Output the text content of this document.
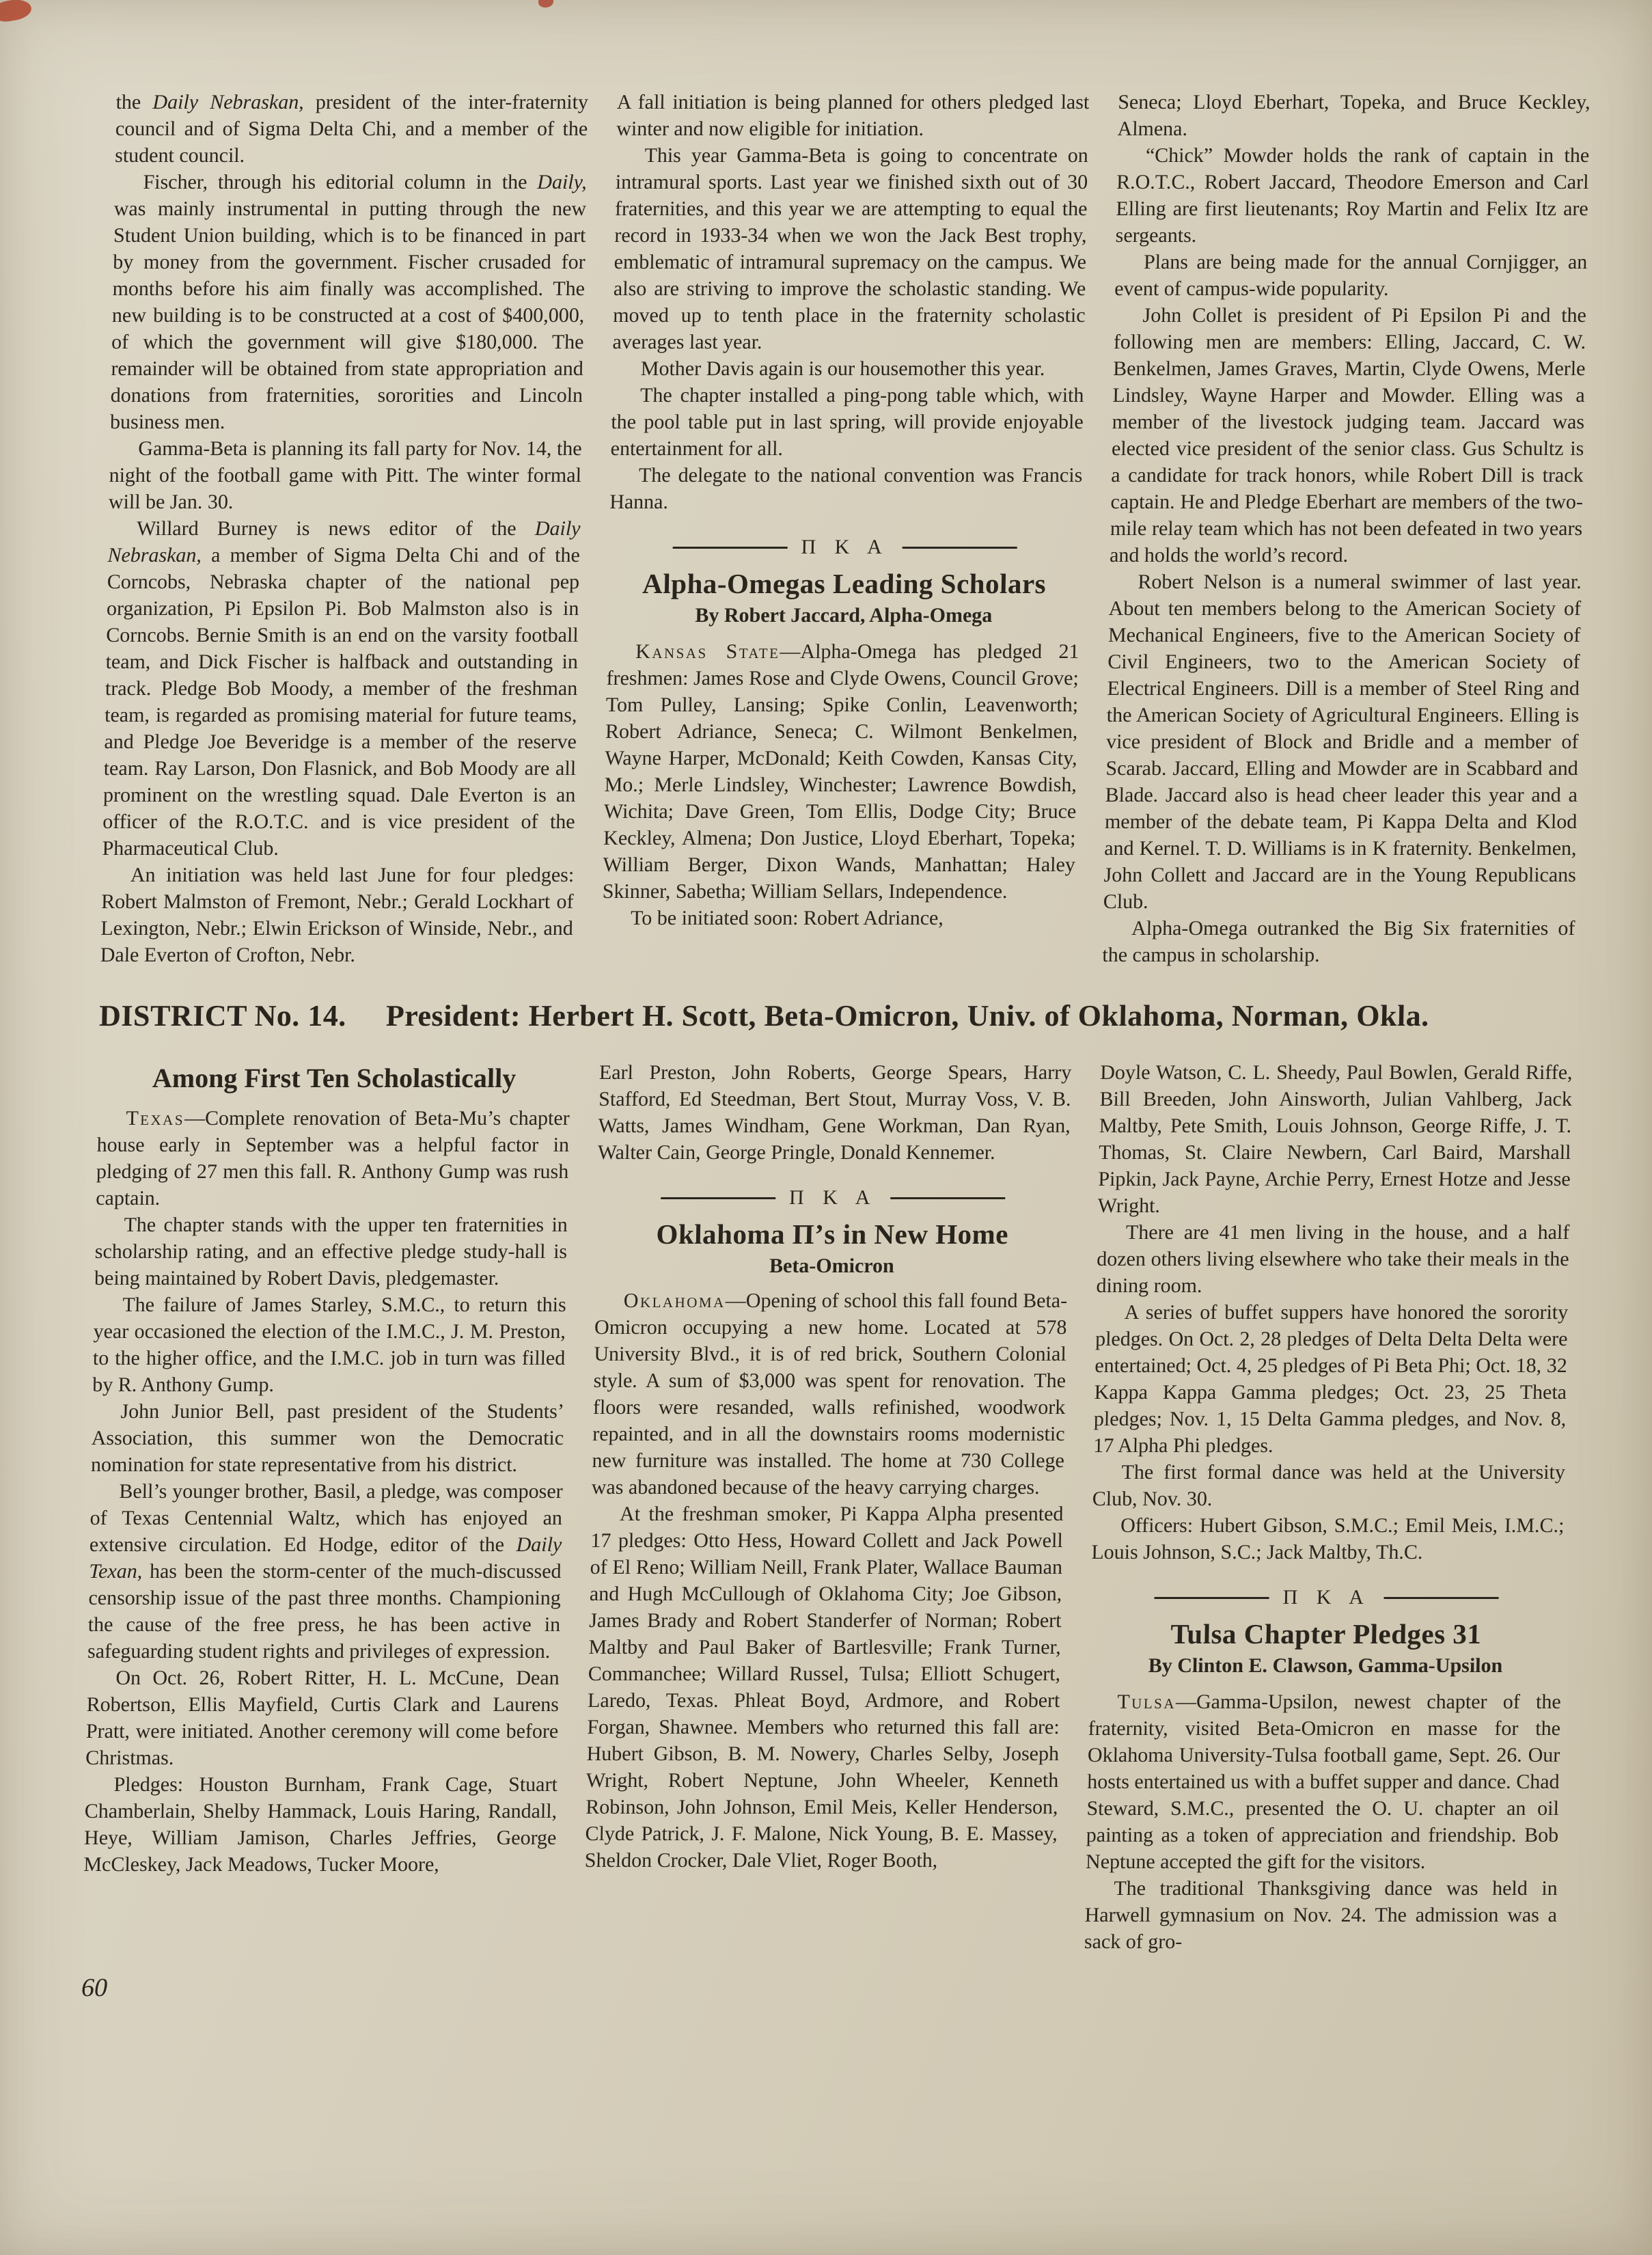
the Daily Nebraskan, president of the inter-fraternity council and of Sigma Delta Chi, and a member of the student council.

Fischer, through his editorial column in the Daily, was mainly instrumental in putting through the new Student Union building, which is to be financed in part by money from the government. Fischer crusaded for months before his aim finally was accomplished. The new building is to be constructed at a cost of $400,000, of which the government will give $180,000. The remainder will be obtained from state appropriation and donations from fraternities, sororities and Lincoln business men.

Gamma-Beta is planning its fall party for Nov. 14, the night of the football game with Pitt. The winter formal will be Jan. 30.

Willard Burney is news editor of the Daily Nebraskan, a member of Sigma Delta Chi and of the Corncobs, Nebraska chapter of the national pep organization, Pi Epsilon Pi. Bob Malmston also is in Corncobs. Bernie Smith is an end on the varsity football team, and Dick Fischer is halfback and outstanding in track. Pledge Bob Moody, a member of the freshman team, is regarded as promising material for future teams, and Pledge Joe Beveridge is a member of the reserve team. Ray Larson, Don Flasnick, and Bob Moody are all prominent on the wrestling squad. Dale Everton is an officer of the R.O.T.C. and is vice president of the Pharmaceutical Club.

An initiation was held last June for four pledges: Robert Malmston of Fremont, Nebr.; Gerald Lockhart of Lexington, Nebr.; Elwin Erickson of Winside, Nebr., and Dale Everton of Crofton, Nebr.

A fall initiation is being planned for others pledged last winter and now eligible for initiation.

This year Gamma-Beta is going to concentrate on intramural sports. Last year we finished sixth out of 30 fraternities, and this year we are attempting to equal the record in 1933-34 when we won the Jack Best trophy, emblematic of intramural supremacy on the campus. We also are striving to improve the scholastic standing. We moved up to tenth place in the fraternity scholastic averages last year.

Mother Davis again is our housemother this year.

The chapter installed a ping-pong table which, with the pool table put in last spring, will provide enjoyable entertainment for all.

The delegate to the national convention was Francis Hanna.

Π K A
Alpha-Omegas Leading Scholars
By Robert Jaccard, Alpha-Omega

Kansas State—Alpha-Omega has pledged 21 freshmen: James Rose and Clyde Owens, Council Grove; Tom Pulley, Lansing; Spike Conlin, Leavenworth; Robert Adriance, Seneca; C. Wilmont Benkelmen, Wayne Harper, McDonald; Keith Cowden, Kansas City, Mo.; Merle Lindsley, Winchester; Lawrence Bowdish, Wichita; Dave Green, Tom Ellis, Dodge City; Bruce Keckley, Almena; Don Justice, Lloyd Eberhart, Topeka; William Berger, Dixon Wands, Manhattan; Haley Skinner, Sabetha; William Sellars, Independence.

To be initiated soon: Robert Adriance,

Seneca; Lloyd Eberhart, Topeka, and Bruce Keckley, Almena.

“Chick” Mowder holds the rank of captain in the R.O.T.C., Robert Jaccard, Theodore Emerson and Carl Elling are first lieutenants; Roy Martin and Felix Itz are sergeants.

Plans are being made for the annual Cornjigger, an event of campus-wide popularity.

John Collet is president of Pi Epsilon Pi and the following men are members: Elling, Jaccard, C. W. Benkelmen, James Graves, Martin, Clyde Owens, Merle Lindsley, Wayne Harper and Mowder. Elling was a member of the livestock judging team. Jaccard was elected vice president of the senior class. Gus Schultz is a candidate for track honors, while Robert Dill is track captain. He and Pledge Eberhart are members of the two-mile relay team which has not been defeated in two years and holds the world’s record.

Robert Nelson is a numeral swimmer of last year. About ten members belong to the American Society of Mechanical Engineers, five to the American Society of Civil Engineers, two to the American Society of Electrical Engineers. Dill is a member of Steel Ring and the American Society of Agricultural Engineers. Elling is vice president of Block and Bridle and a member of Scarab. Jaccard, Elling and Mowder are in Scabbard and Blade. Jaccard also is head cheer leader this year and a member of the debate team, Pi Kappa Delta and Klod and Kernel. T. D. Williams is in K fraternity. Benkelmen, John Collett and Jaccard are in the Young Republicans Club.

Alpha-Omega outranked the Big Six fraternities of the campus in scholarship.

DISTRICT No. 14. President: Herbert H. Scott, Beta-Omicron, Univ. of Oklahoma, Norman, Okla.
Among First Ten Scholastically

Texas—Complete renovation of Beta-Mu’s chapter house early in September was a helpful factor in pledging of 27 men this fall. R. Anthony Gump was rush captain.

The chapter stands with the upper ten fraternities in scholarship rating, and an effective pledge study-hall is being maintained by Robert Davis, pledgemaster.

The failure of James Starley, S.M.C., to return this year occasioned the election of the I.M.C., J. M. Preston, to the higher office, and the I.M.C. job in turn was filled by R. Anthony Gump.

John Junior Bell, past president of the Students’ Association, this summer won the Democratic nomination for state representative from his district.

Bell’s younger brother, Basil, a pledge, was composer of Texas Centennial Waltz, which has enjoyed an extensive circulation. Ed Hodge, editor of the Daily Texan, has been the storm-center of the much-discussed censorship issue of the past three months. Championing the cause of the free press, he has been active in safeguarding student rights and privileges of expression.

On Oct. 26, Robert Ritter, H. L. McCune, Dean Robertson, Ellis Mayfield, Curtis Clark and Laurens Pratt, were initiated. Another ceremony will come before Christmas.

Pledges: Houston Burnham, Frank Cage, Stuart Chamberlain, Shelby Hammack, Louis Haring, Randall, Heye, William Jamison, Charles Jeffries, George McCleskey, Jack Meadows, Tucker Moore,

Earl Preston, John Roberts, George Spears, Harry Stafford, Ed Steedman, Bert Stout, Murray Voss, V. B. Watts, James Windham, Gene Workman, Dan Ryan, Walter Cain, George Pringle, Donald Kennemer.

Π K A
Oklahoma Π’s in New Home
Beta-Omicron

Oklahoma—Opening of school this fall found Beta-Omicron occupying a new home. Located at 578 University Blvd., it is of red brick, Southern Colonial style. A sum of $3,000 was spent for renovation. The floors were resanded, walls refinished, woodwork repainted, and in all the downstairs rooms modernistic new furniture was installed. The home at 730 College was abandoned because of the heavy carrying charges.

At the freshman smoker, Pi Kappa Alpha presented 17 pledges: Otto Hess, Howard Collett and Jack Powell of El Reno; William Neill, Frank Plater, Wallace Bauman and Hugh McCullough of Oklahoma City; Joe Gibson, James Brady and Robert Standerfer of Norman; Robert Maltby and Paul Baker of Bartlesville; Frank Turner, Commanchee; Willard Russel, Tulsa; Elliott Schugert, Laredo, Texas. Phleat Boyd, Ardmore, and Robert Forgan, Shawnee. Members who returned this fall are: Hubert Gibson, B. M. Nowery, Charles Selby, Joseph Wright, Robert Neptune, John Wheeler, Kenneth Robinson, John Johnson, Emil Meis, Keller Henderson, Clyde Patrick, J. F. Malone, Nick Young, B. E. Massey, Sheldon Crocker, Dale Vliet, Roger Booth,

Doyle Watson, C. L. Sheedy, Paul Bowlen, Gerald Riffe, Bill Breeden, John Ainsworth, Julian Vahlberg, Jack Maltby, Pete Smith, Louis Johnson, George Riffe, J. T. Thomas, St. Claire Newbern, Carl Baird, Marshall Pipkin, Jack Payne, Archie Perry, Ernest Hotze and Jesse Wright.

There are 41 men living in the house, and a half dozen others living elsewhere who take their meals in the dining room.

A series of buffet suppers have honored the sorority pledges. On Oct. 2, 28 pledges of Delta Delta Delta were entertained; Oct. 4, 25 pledges of Pi Beta Phi; Oct. 18, 32 Kappa Kappa Gamma pledges; Oct. 23, 25 Theta pledges; Nov. 1, 15 Delta Gamma pledges, and Nov. 8, 17 Alpha Phi pledges.

The first formal dance was held at the University Club, Nov. 30.

Officers: Hubert Gibson, S.M.C.; Emil Meis, I.M.C.; Louis Johnson, S.C.; Jack Maltby, Th.C.

Π K A
Tulsa Chapter Pledges 31
By Clinton E. Clawson, Gamma-Upsilon

Tulsa—Gamma-Upsilon, newest chapter of the fraternity, visited Beta-Omicron en masse for the Oklahoma University-Tulsa football game, Sept. 26. Our hosts entertained us with a buffet supper and dance. Chad Steward, S.M.C., presented the O. U. chapter an oil painting as a token of appreciation and friendship. Bob Neptune accepted the gift for the visitors.

The traditional Thanksgiving dance was held in Harwell gymnasium on Nov. 24. The admission was a sack of gro-

60
